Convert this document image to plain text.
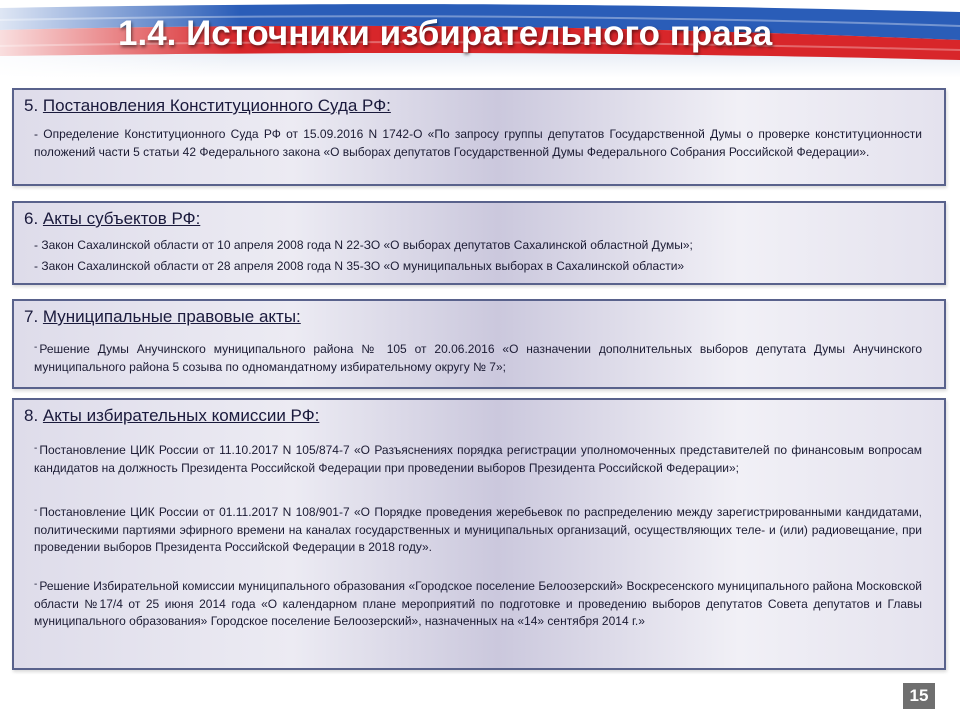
1.4. Источники избирательного права

5. Постановления Конституционного Суда РФ:

- Определение Конституционного Суда РФ от 15.09.2016 N 1742-О «По запросу группы депутатов Государственной Думы о проверке конституционности положений части 5 статьи 42 Федерального закона «О выборах депутатов Государственной Думы Федерального Собрания Российской Федерации».

6. Акты субъектов РФ:

- Закон Сахалинской области от 10 апреля 2008 года N 22-ЗО «О выборах депутатов Сахалинской областной Думы»;

- Закон Сахалинской области от 28 апреля 2008 года N 35-ЗО «О муниципальных выборах в Сахалинской области»

7. Муниципальные правовые акты:

- Решение Думы Анучинского муниципального района № 105 от 20.06.2016 «О назначении дополнительных выборов депутата Думы Анучинского муниципального района 5 созыва по одномандатному избирательному округу № 7»;

8. Акты избирательных комиссии РФ:

- Постановление ЦИК России от 11.10.2017 N 105/874-7 «О Разъяснениях порядка регистрации уполномоченных представителей по финансовым вопросам кандидатов на должность Президента Российской Федерации при проведении выборов Президента Российской Федерации»;

- Постановление ЦИК России от 01.11.2017 N 108/901-7 «О Порядке проведения жеребьевок по распределению между зарегистрированными кандидатами, политическими партиями эфирного времени на каналах государственных и муниципальных организаций, осуществляющих теле- и (или) радиовещание, при проведении выборов Президента Российской Федерации в 2018 году».

- Решение Избирательной комиссии муниципального образования «Городское поселение Белоозерский» Воскресенского муниципального района Московской области №17/4 от 25 июня 2014 года «О календарном плане мероприятий по подготовке и проведению выборов депутатов Совета депутатов и Главы муниципального образования» Городское поселение Белоозерский», назначенных на «14» сентября 2014 г.»

15
